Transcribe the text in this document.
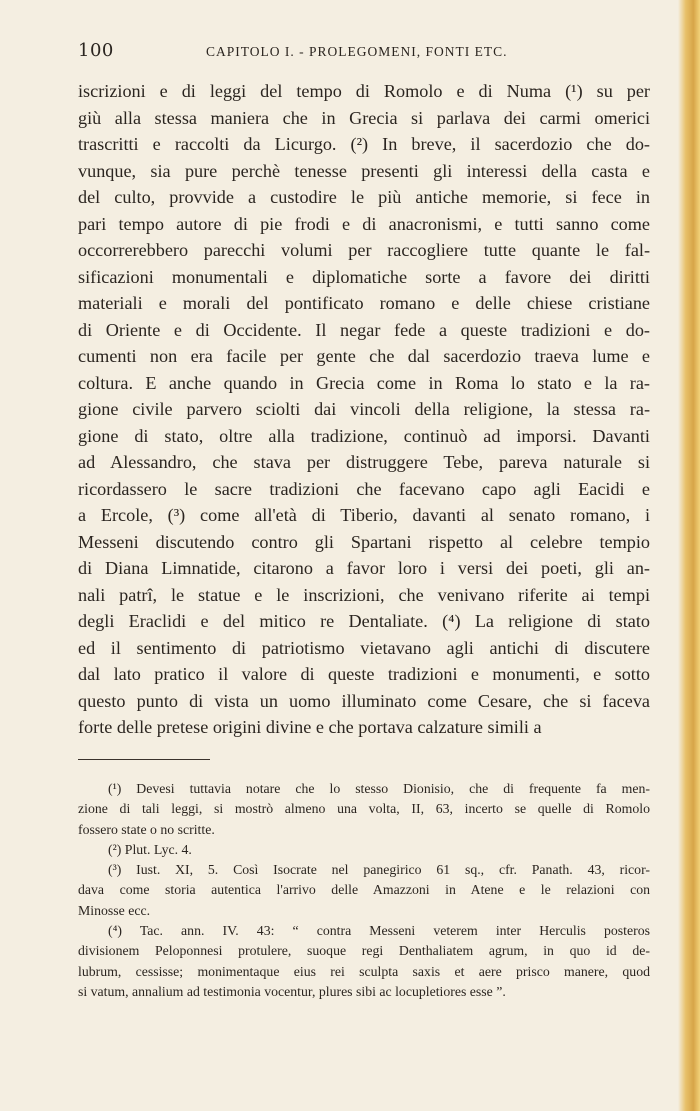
100	CAPITOLO I. - PROLEGOMENI, FONTI ETC.
iscrizioni e di leggi del tempo di Romolo e di Numa (¹) su per
giù alla stessa maniera che in Grecia si parlava dei carmi omerici
trascritti e raccolti da Licurgo. (²) In breve, il sacerdozio che do-
vunque, sia pure perchè tenesse presenti gli interessi della casta e
del culto, provvide a custodire le più antiche memorie, si fece in
pari tempo autore di pie frodi e di anacronismi, e tutti sanno come
occorrerebbero parecchi volumi per raccogliere tutte quante le fal-
sificazioni monumentali e diplomatiche sorte a favore dei diritti
materiali e morali del pontificato romano e delle chiese cristiane
di Oriente e di Occidente. Il negar fede a queste tradizioni e do-
cumenti non era facile per gente che dal sacerdozio traeva lume e
coltura. E anche quando in Grecia come in Roma lo stato e la ra-
gione civile parvero sciolti dai vincoli della religione, la stessa ra-
gione di stato, oltre alla tradizione, continuò ad imporsi. Davanti
ad Alessandro, che stava per distruggere Tebe, pareva naturale si
ricordassero le sacre tradizioni che facevano capo agli Eacidi e
a Ercole, (³) come all'età di Tiberio, davanti al senato romano, i
Messeni discutendo contro gli Spartani rispetto al celebre tempio
di Diana Limnatide, citarono a favor loro i versi dei poeti, gli an-
nali patrî, le statue e le inscrizioni, che venivano riferite ai tempi
degli Eraclidi e del mitico re Dentaliate. (⁴) La religione di stato
ed il sentimento di patriotismo vietavano agli antichi di discutere
dal lato pratico il valore di queste tradizioni e monumenti, e sotto
questo punto di vista un uomo illuminato come Cesare, che si faceva
forte delle pretese origini divine e che portava calzature simili a
(¹) Devesi tuttavia notare che lo stesso Dionisio, che di frequente fa men-
zione di tali leggi, si mostrò almeno una volta, II, 63, incerto se quelle di Romolo
fossero state o no scritte.
(²) Plut. Lyc. 4.
(³) Iust. XI, 5. Così Isocrate nel panegirico 61 sq., cfr. Panath. 43, ricor-
dava come storia autentica l'arrivo delle Amazzoni in Atene e le relazioni con
Minosse ecc.
(⁴) Tac. ann. IV. 43: “ contra Messeni veterem inter Herculis posteros
divisionem Peloponnesi protulere, suoque regi Denthaliatem agrum, in quo id de-
lubrum, cessisse; monimentaque eius rei sculpta saxis et aere prisco manere, quod
si vatum, annalium ad testimonia vocentur, plures sibi ac locupletiores esse ”.
